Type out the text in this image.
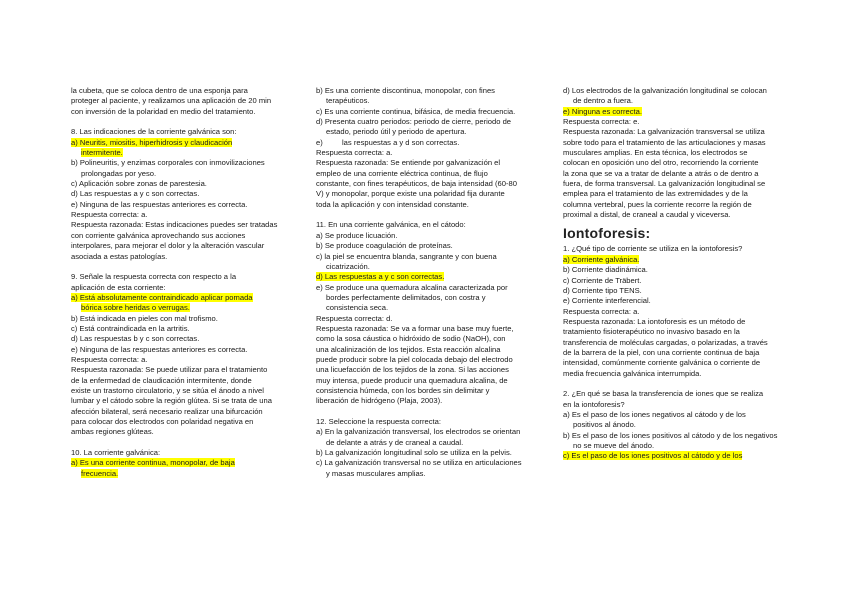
la cubeta, que se coloca dentro de una esponja para

proteger al paciente, y realizamos una aplicación de 20 min

con inversión de la polaridad en medio del tratamiento.

8. Las indicaciones de la corriente galvánica son:

a) Neuritis, miositis, hiperhidrosis y claudicación

intermitente.

b) Polineuritis, y enzimas corporales con inmovilizaciones

prolongadas por yeso.

c) Aplicación sobre zonas de parestesia.

d) Las respuestas a y c son correctas.

e) Ninguna de las respuestas anteriores es correcta.

Respuesta correcta: a.

Respuesta razonada: Estas indicaciones puedes ser tratadas

con corriente galvánica aprovechando sus acciones

interpolares, para mejorar el dolor y la alteración vascular

asociada a estas patologías.

9. Señale la respuesta correcta con respecto a la

aplicación de esta corriente:

a) Está absolutamente contraindicado aplicar pomada

bórica sobre heridas o verrugas.

b) Está indicada en pieles con mal trofismo.

c) Está contraindicada en la artritis.

d) Las respuestas b y c son correctas.

e) Ninguna de las respuestas anteriores es correcta.

Respuesta correcta: a.

Respuesta razonada: Se puede utilizar para el tratamiento

de la enfermedad de claudicación intermitente, donde

existe un trastorno circulatorio, y se sitúa el ánodo a nivel

lumbar y el cátodo sobre la región glútea. Si se trata de una

afección bilateral, será necesario realizar una bifurcación

para colocar dos electrodos con polaridad negativa en

ambas regiones glúteas.

10. La corriente galvánica:

a) Es una corriente continua, monopolar, de baja

frecuencia.

b) Es una corriente discontinua, monopolar, con fines

terapéuticos.

c) Es una corriente continua, bifásica, de media frecuencia.

d) Presenta cuatro periodos: periodo de cierre, periodo de

estado, periodo útil y periodo de apertura.

e)	las respuestas a y d son correctas.

Respuesta correcta: a.

Respuesta razonada: Se entiende por galvanización el

empleo de una corriente eléctrica continua, de flujo

constante, con fines terapéuticos, de baja intensidad (60-80

V) y monopolar, porque existe una polaridad fija durante

toda la aplicación y con intensidad constante.

11. En una corriente galvánica, en el cátodo:

a) Se produce licuación.

b) Se produce coagulación de proteínas.

c) la piel se encuentra blanda, sangrante y con buena

cicatrización.

d) Las respuestas a y c son correctas.

e) Se produce una quemadura alcalina caracterizada por

bordes perfectamente delimitados, con costra y

consistencia seca.

Respuesta correcta: d.

Respuesta razonada: Se va a formar una base muy fuerte,

como la sosa cáustica o hidróxido de sodio (NaOH), con

una alcalinización de los tejidos. Esta reacción alcalina

puede producir sobre la piel colocada debajo del electrodo

una licuefacción de los tejidos de la zona. Si las acciones

muy intensa, puede producir una quemadura alcalina, de

consistencia húmeda, con los bordes sin delimitar y

liberación de hidrógeno (Plaja, 2003).

12. Seleccione la respuesta correcta:

a) En la galvanización transversal, los electrodos se orientan

de delante a atrás y de craneal a caudal.

b) La galvanización longitudinal solo se utiliza en la pelvis.

c) La galvanización transversal no se utiliza en articulaciones

y masas musculares amplias.

d) Los electrodos de la galvanización longitudinal se colocan

de dentro a fuera.

e) Ninguna es correcta.

Respuesta correcta: e.

Respuesta razonada: La galvanización transversal se utiliza

sobre todo para el tratamiento de las articulaciones y masas

musculares amplias. En esta técnica, los electrodos se

colocan en oposición uno del otro, recorriendo la corriente

la zona que se va a tratar de delante a atrás o de dentro a

fuera, de forma transversal. La galvanización longitudinal se

emplea para el tratamiento de las extremidades y de la

columna vertebral, pues la corriente recorre la región de

proximal a distal, de craneal a caudal y viceversa.

Iontoforesis:

1. ¿Qué tipo de corriente se utiliza en la iontoforesis?

a) Corriente galvánica.

b) Corriente diadinámica.

c) Corriente de Träbert.

d) Corriente tipo TENS.

e) Corriente interferencial.

Respuesta correcta: a.

Respuesta razonada: La iontoforesis es un método de

tratamiento fisioterapéutico no invasivo basado en la

transferencia de moléculas cargadas, o polarizadas, a través

de la barrera de la piel, con una corriente continua de baja

intensidad, comúnmente corriente galvánica o corriente de

media frecuencia galvánica interrumpida.

2. ¿En qué se basa la transferencia de iones que se realiza

en la iontoforesis?

a) Es el paso de los iones negativos al cátodo y de los

positivos al ánodo.

b) Es el paso de los iones positivos al cátodo y de los negativos

no se mueve del ánodo.

c) Es el paso de los iones positivos al cátodo y de los
